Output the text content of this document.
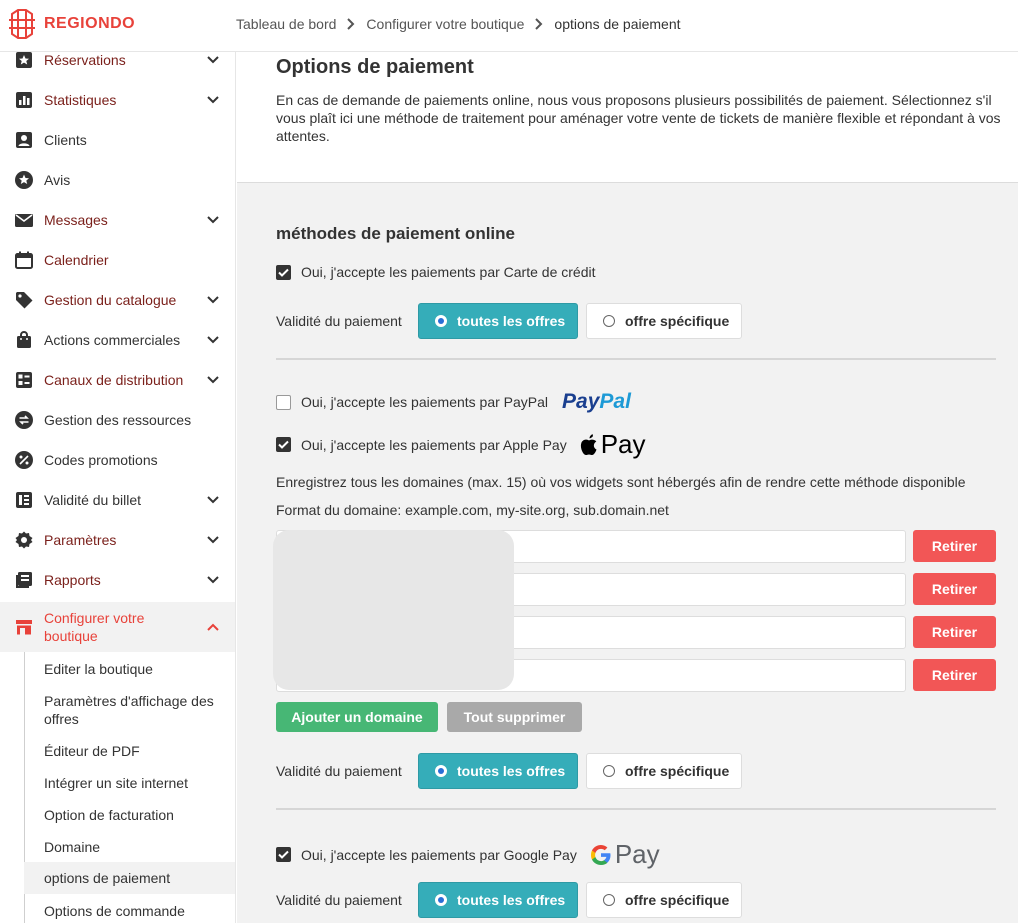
REGIONDO	Tableau de bord Configurer votre boutique options de paiement
Réservations
Statistiques
Clients
Avis
Messages
Calendrier
Gestion du catalogue
Actions commerciales
Canaux de distribution
Gestion des ressources
Codes promotions
Validité du billet
Paramètres
Rapports
Configurer votre boutique
Editer la boutique
Paramètres d'affichage des offres
Éditeur de PDF
Intégrer un site internet
Option de facturation
Domaine
options de paiement
Options de commande
Options de paiement

En cas de demande de paiements online, nous vous proposons plusieurs possibilités de paiement. Sélectionnez s'il vous plaît ici une méthode de traitement pour aménager votre vente de tickets de manière flexible et répondant à vos attentes.

méthodes de paiement online
Oui, j'accepte les paiements par Carte de crédit
Validité du paiement	toutes les offres	offre spécifique
Oui, j'accepte les paiements par PayPal PayPal
Oui, j'accepte les paiements par Apple Pay Pay
Enregistrez tous les domaines (max. 15) où vos widgets sont hébergés afin de rendre cette méthode disponible
Format du domaine: example.com, my-site.org, sub.domain.net
Retirer
Retirer
Retirer
Retirer
Ajouter un domaine	Tout supprimer
Validité du paiement	toutes les offres	offre spécifique
Oui, j'accepte les paiements par Google Pay Pay
Validité du paiement	toutes les offres	offre spécifique
